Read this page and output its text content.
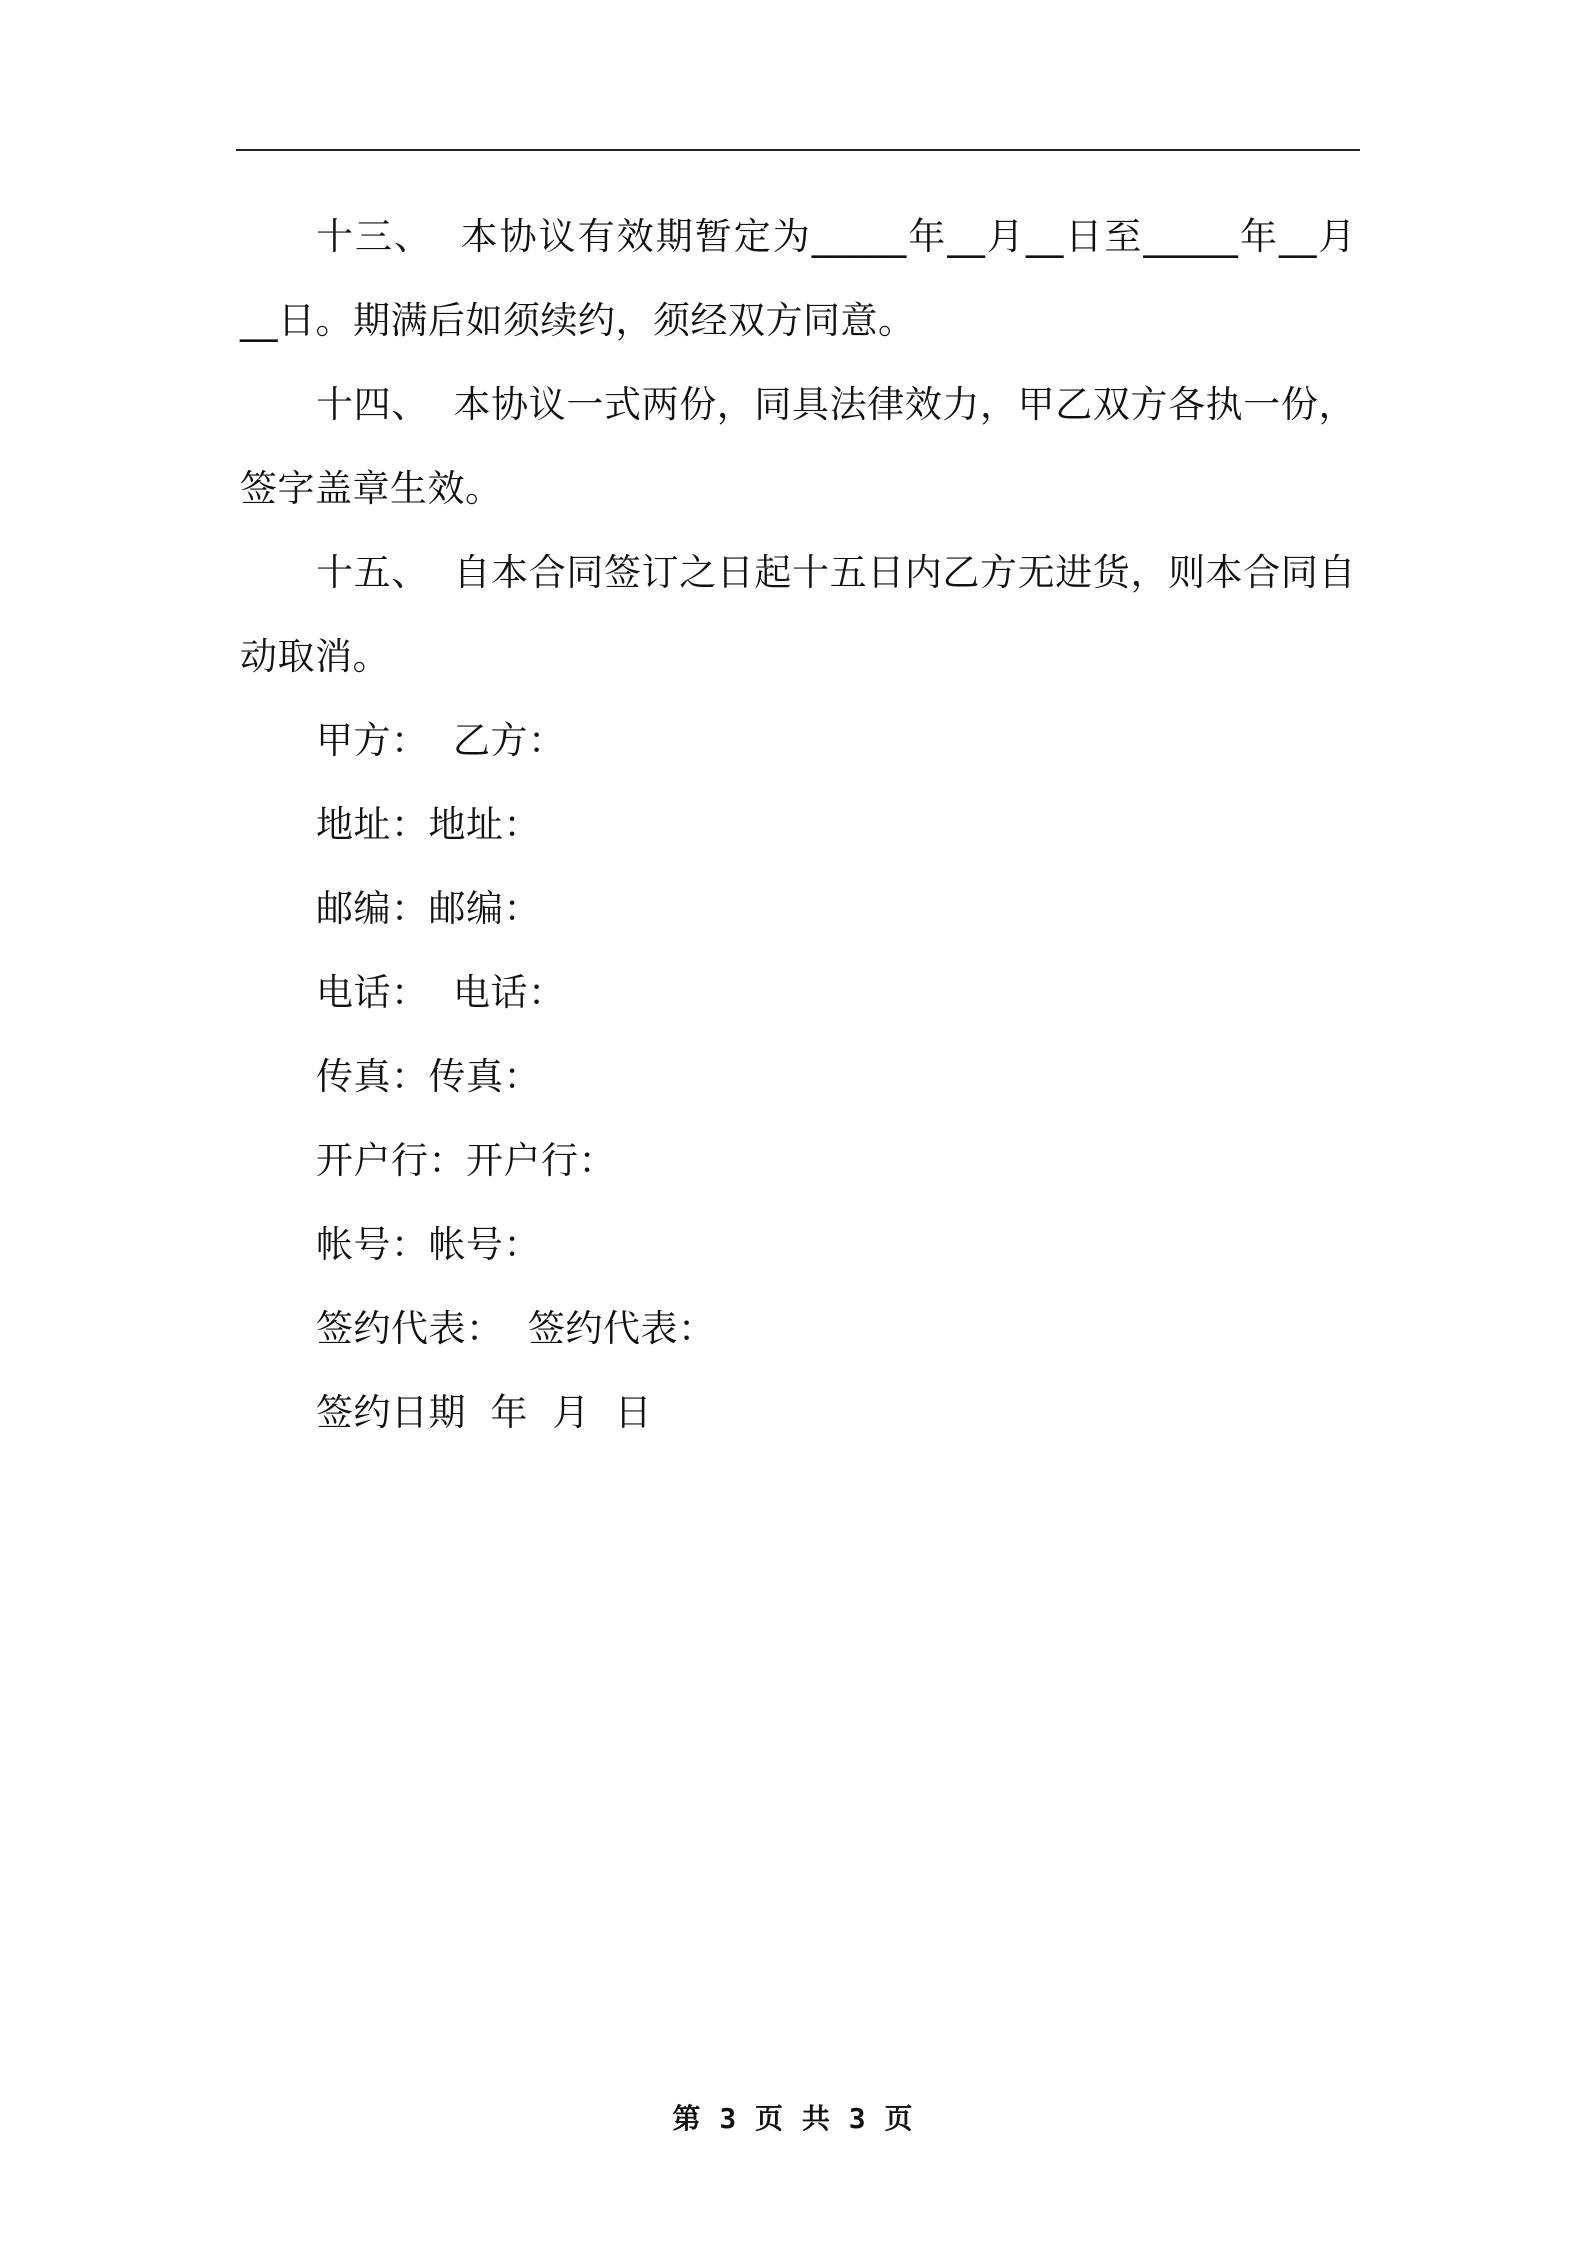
十三、  本协议有效期暂定为_____年__月__日至_____年__月__日。期满后如须续约，须经双方同意。

十四、  本协议一式两份，同具法律效力，甲乙双方各执一份，签字盖章生效。

十五、  自本合同签订之日起十五日内乙方无进货，则本合同自动取消。

甲方：  乙方：

地址：地址：

邮编：邮编：

电话：  电话：

传真：传真：

开户行：开户行：

帐号：帐号：

签约代表：  签约代表：

签约日期  年  月  日

第 3 页 共 3 页
